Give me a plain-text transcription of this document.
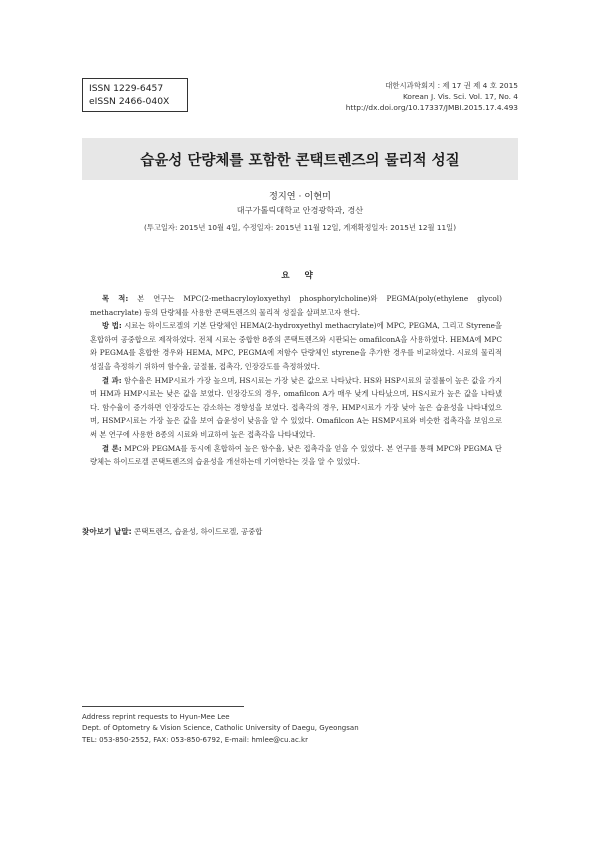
ISSN 1229-6457
eISSN 2466-040X
대한시과학회지 : 제 17 권 제 4 호 2015
Korean J. Vis. Sci. Vol. 17, No. 4
http://dx.doi.org/10.17337/JMBI.2015.17.4.493
습윤성 단량체를 포함한 콘택트렌즈의 물리적 성질
정지연 · 이현미
대구가톨릭대학교 안경광학과, 경산
(투고일자: 2015년 10월 4일, 수정일자: 2015년 11월 12일, 게재확정일자: 2015년 12월 11일)
요 약

목 적: 본 연구는 MPC(2-methacryloyloxyethyl phosphorylcholine)와 PEGMA(poly(ethylene glycol) methacrylate) 등의 단량체를 사용한 콘택트렌즈의 물리적 성질을 살펴보고자 한다.

방 법: 시료는 하이드로겔의 기본 단량체인 HEMA(2-hydroxyethyl methacrylate)에 MPC, PEGMA, 그리고 Styrene을 혼합하여 공중합으로 제작하였다. 전체 시료는 중합한 8종의 콘택트렌즈와 시판되는 omafilconA을 사용하였다. HEMA에 MPC와 PEGMA를 혼합한 경우와 HEMA, MPC, PEGMA에 저함수 단량체인 styrene을 추가한 경우를 비교하였다. 시료의 물리적 성질을 측정하기 위하여 함수율, 굴절률, 접촉각, 인장강도를 측정하였다.

결 과: 함수율은 HMP시료가 가장 높으며, HS시료는 가장 낮은 값으로 나타났다. HS와 HSP시료의 굴절률이 높은 값을 가지며 HM과 HMP시료는 낮은 값을 보였다. 인장강도의 경우, omafilcon A가 매우 낮게 나타났으며, HS시료가 높은 값을 나타냈다. 함수율이 증가하면 인장강도는 감소하는 경향성을 보였다. 접촉각의 경우, HMP시료가 가장 낮아 높은 습윤성을 나타내었으며, HSMP시료는 가장 높은 값을 보여 습윤성이 낮음을 알 수 있었다. Omafilcon A는 HSMP시료와 비슷한 접촉각을 보임으로써 본 연구에 사용한 8종의 시료와 비교하여 높은 접촉각을 나타내었다.

결 론: MPC와 PEGMA를 동시에 혼합하여 높은 함수율, 낮은 접촉각을 얻을 수 있었다. 본 연구를 통해 MPC와 PEGMA 단량체는 하이드로겔 콘택트렌즈의 습윤성을 개선하는데 기여한다는 것을 알 수 있었다.

찾아보기 낱말: 콘택트렌즈, 습윤성, 하이드로겔, 공중합
Address reprint requests to Hyun-Mee Lee
Dept. of Optometry & Vision Science, Catholic University of Daegu, Gyeongsan
TEL: 053-850-2552, FAX: 053-850-6792, E-mail: hmlee@cu.ac.kr
